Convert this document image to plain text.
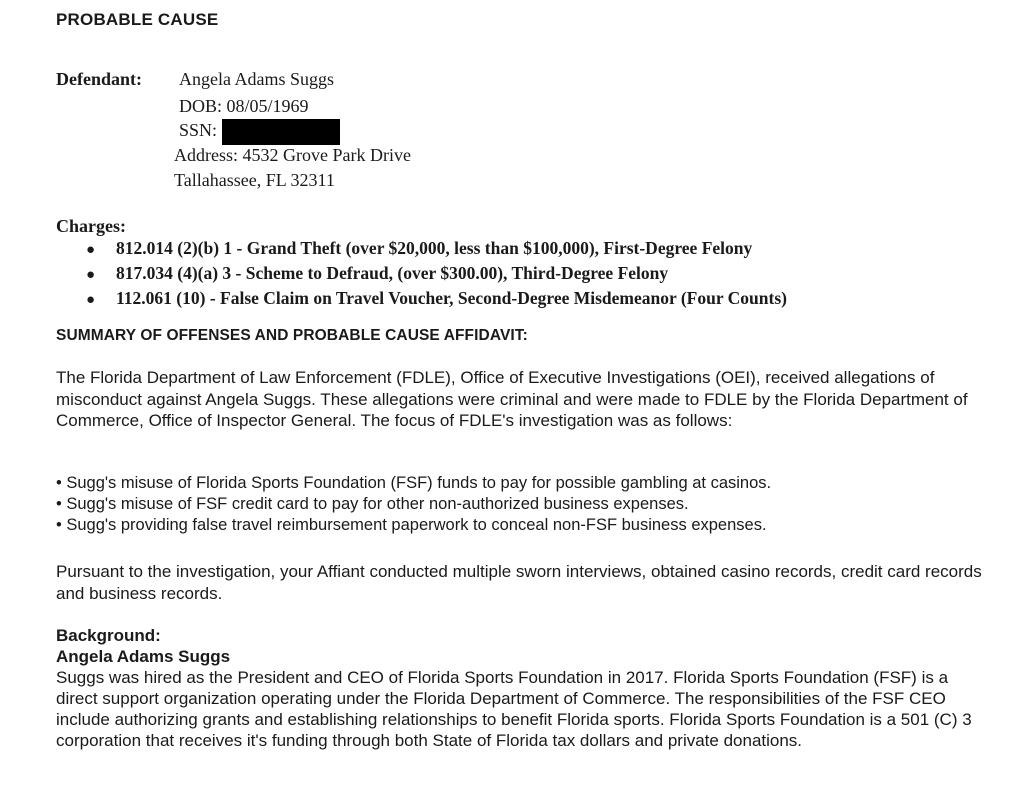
PROBABLE CAUSE
Defendant: Angela Adams Suggs
DOB: 08/05/1969
SSN:
Address: 4532 Grove Park Drive
Tallahassee, FL 32311
Charges:
● 812.014 (2)(b) 1 - Grand Theft (over $20,000, less than $100,000), First-Degree Felony
● 817.034 (4)(a) 3 - Scheme to Defraud, (over $300.00), Third-Degree Felony
● 112.061 (10) - False Claim on Travel Voucher, Second-Degree Misdemeanor (Four Counts)
SUMMARY OF OFFENSES AND PROBABLE CAUSE AFFIDAVIT:
The Florida Department of Law Enforcement (FDLE), Office of Executive Investigations (OEI), received allegations of misconduct against Angela Suggs. These allegations were criminal and were made to FDLE by the Florida Department of Commerce, Office of Inspector General. The focus of FDLE's investigation was as follows:
• Sugg's misuse of Florida Sports Foundation (FSF) funds to pay for possible gambling at casinos.
• Sugg's misuse of FSF credit card to pay for other non-authorized business expenses.
• Sugg's providing false travel reimbursement paperwork to conceal non-FSF business expenses.
Pursuant to the investigation, your Affiant conducted multiple sworn interviews, obtained casino records, credit card records and business records.
Background:
Angela Adams Suggs
Suggs was hired as the President and CEO of Florida Sports Foundation in 2017. Florida Sports Foundation (FSF) is a direct support organization operating under the Florida Department of Commerce. The responsibilities of the FSF CEO include authorizing grants and establishing relationships to benefit Florida sports. Florida Sports Foundation is a 501 (C) 3 corporation that receives it's funding through both State of Florida tax dollars and private donations.
